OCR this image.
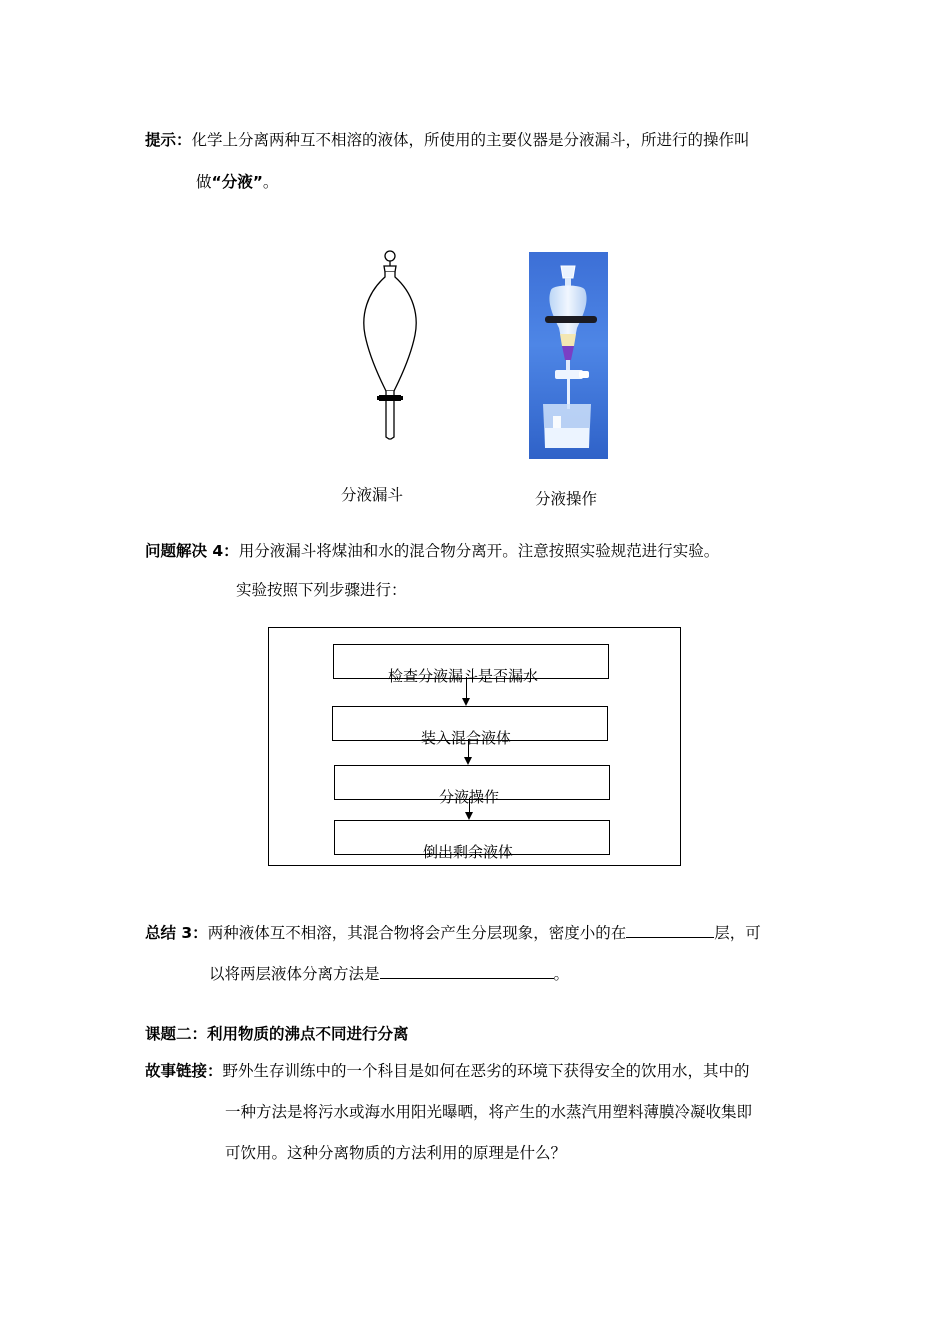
提示：化学上分离两种互不相溶的液体，所使用的主要仪器是分液漏斗，所进行的操作叫
做“分液”。
分液漏斗	分液操作
问题解决 4：用分液漏斗将煤油和水的混合物分离开。注意按照实验规范进行实验。
实验按照下列步骤进行：
检查分液漏斗是否漏水
装入混合液体
分液操作
倒出剩余液体
总结 3：两种液体互不相溶，其混合物将会产生分层现象，密度小的在	层，可
以将两层液体分离方法是	。
课题二：利用物质的沸点不同进行分离
故事链接：野外生存训练中的一个科目是如何在恶劣的环境下获得安全的饮用水，其中的
一种方法是将污水或海水用阳光曝晒，将产生的水蒸汽用塑料薄膜冷凝收集即
可饮用。这种分离物质的方法利用的原理是什么？
